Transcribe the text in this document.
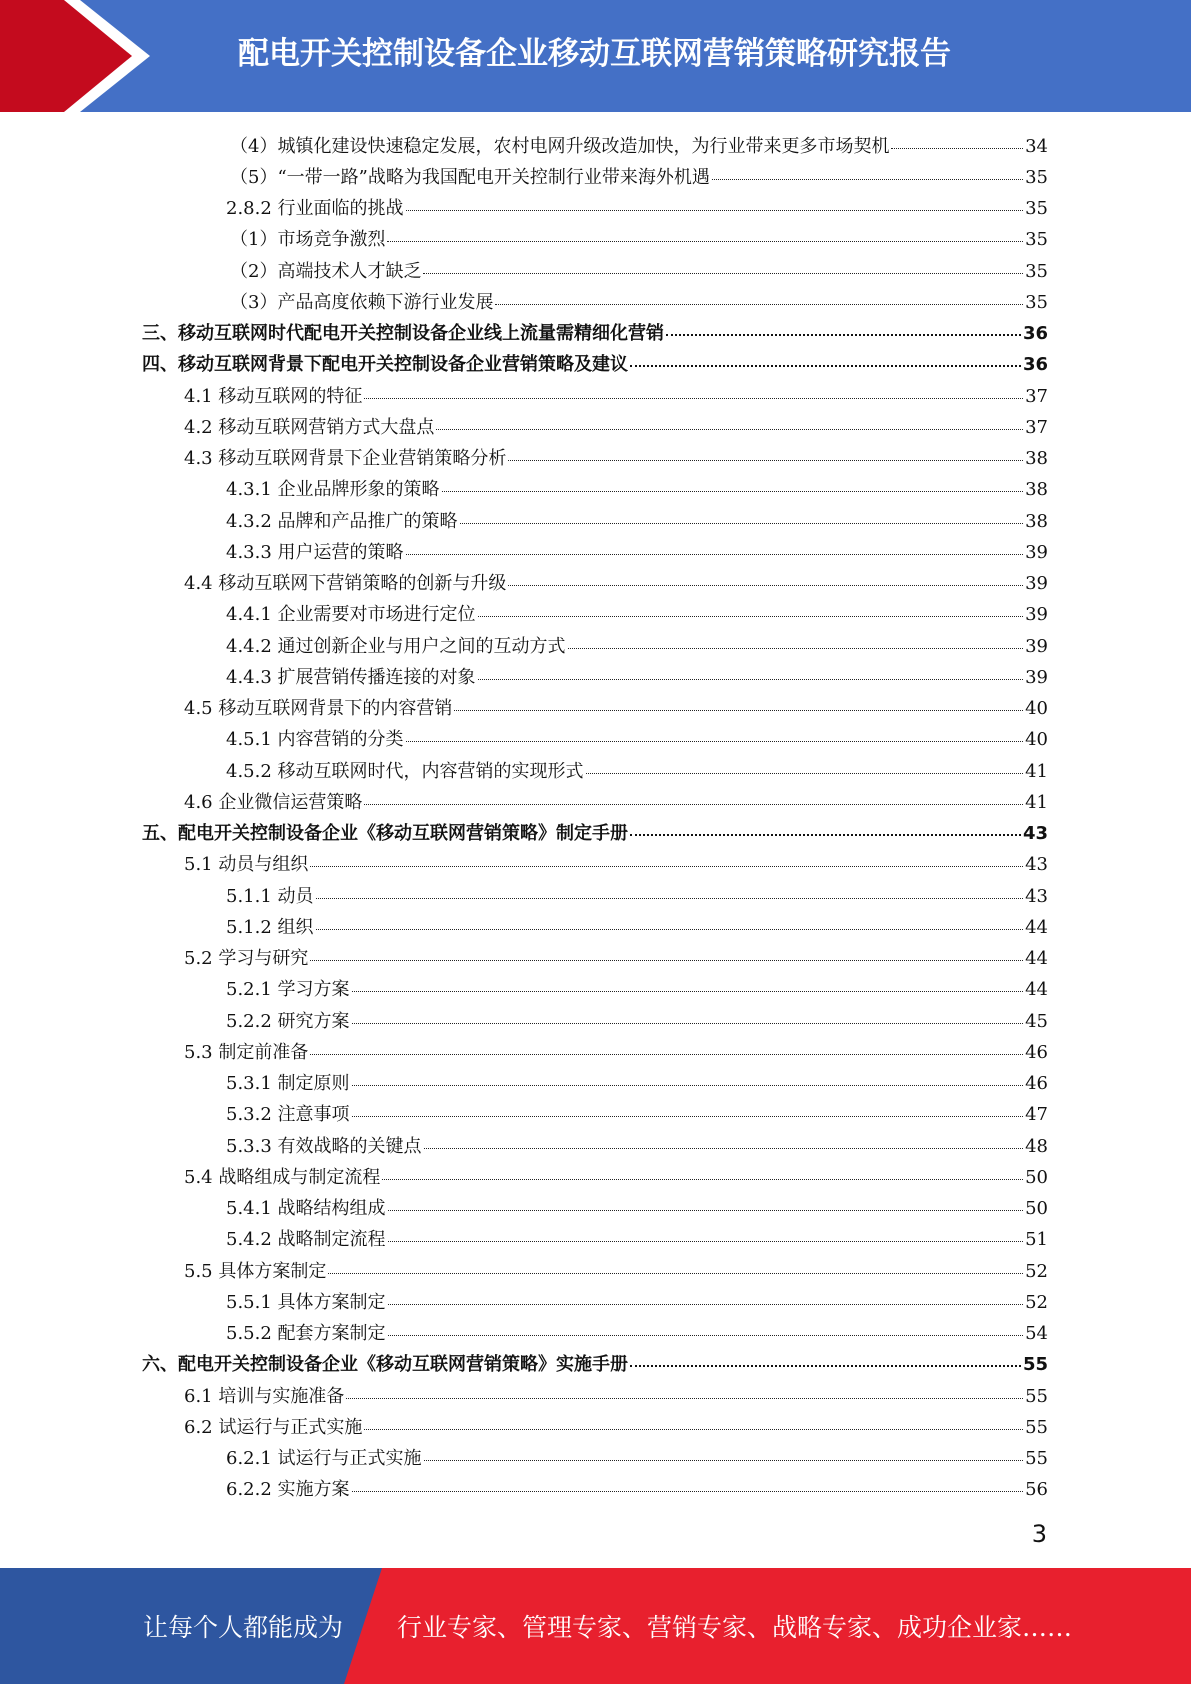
配电开关控制设备企业移动互联网营销策略研究报告
（4）城镇化建设快速稳定发展，农村电网升级改造加快，为行业带来更多市场契机	34
（5）“一带一路”战略为我国配电开关控制行业带来海外机遇	35
2.8.2 行业面临的挑战	35
（1）市场竞争激烈	35
（2）高端技术人才缺乏	35
（3）产品高度依赖下游行业发展	35
三、移动互联网时代配电开关控制设备企业线上流量需精细化营销	36
四、移动互联网背景下配电开关控制设备企业营销策略及建议	36
4.1 移动互联网的特征	37
4.2 移动互联网营销方式大盘点	37
4.3 移动互联网背景下企业营销策略分析	38
4.3.1 企业品牌形象的策略	38
4.3.2 品牌和产品推广的策略	38
4.3.3 用户运营的策略	39
4.4 移动互联网下营销策略的创新与升级	39
4.4.1 企业需要对市场进行定位	39
4.4.2 通过创新企业与用户之间的互动方式	39
4.4.3 扩展营销传播连接的对象	39
4.5 移动互联网背景下的内容营销	40
4.5.1 内容营销的分类	40
4.5.2 移动互联网时代，内容营销的实现形式	41
4.6 企业微信运营策略	41
五、配电开关控制设备企业《移动互联网营销策略》制定手册	43
5.1 动员与组织	43
5.1.1 动员	43
5.1.2 组织	44
5.2 学习与研究	44
5.2.1 学习方案	44
5.2.2 研究方案	45
5.3 制定前准备	46
5.3.1 制定原则	46
5.3.2 注意事项	47
5.3.3 有效战略的关键点	48
5.4 战略组成与制定流程	50
5.4.1 战略结构组成	50
5.4.2 战略制定流程	51
5.5 具体方案制定	52
5.5.1 具体方案制定	52
5.5.2 配套方案制定	54
六、配电开关控制设备企业《移动互联网营销策略》实施手册	55
6.1 培训与实施准备	55
6.2 试运行与正式实施	55
6.2.1 试运行与正式实施	55
6.2.2 实施方案	56
3
让每个人都能成为 行业专家、管理专家、营销专家、战略专家、成功企业家……
